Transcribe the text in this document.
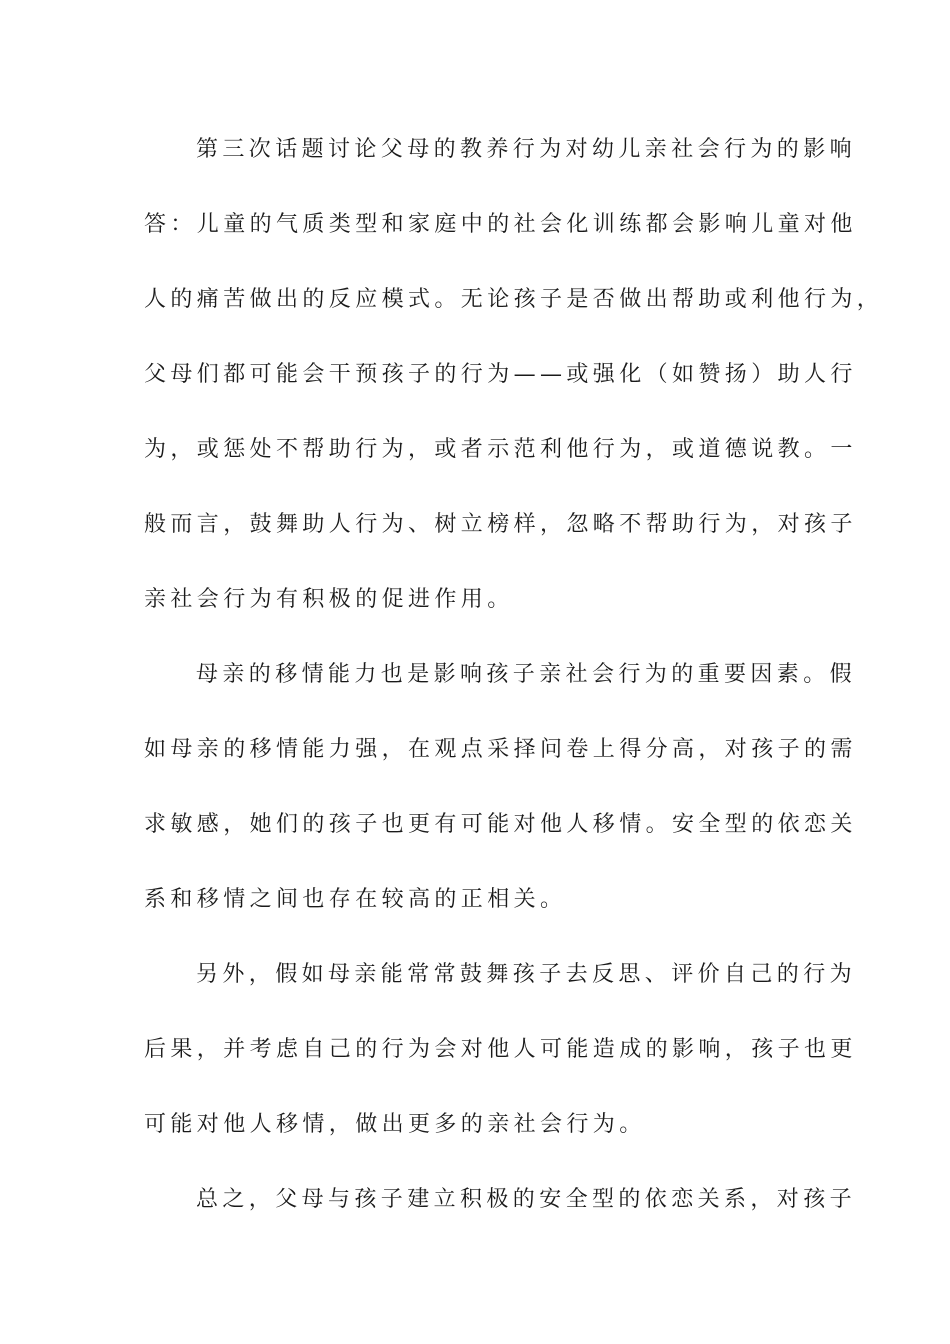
第三次话题讨论父母的教养行为对幼儿亲社会行为的影响
答：儿童的气质类型和家庭中的社会化训练都会影响儿童对他
人的痛苦做出的反应模式。无论孩子是否做出帮助或利他行为，
父母们都可能会干预孩子的行为——或强化（如赞扬）助人行
为，或惩处不帮助行为，或者示范利他行为，或道德说教。一
般而言，鼓舞助人行为、树立榜样，忽略不帮助行为，对孩子
亲社会行为有积极的促进作用。
母亲的移情能力也是影响孩子亲社会行为的重要因素。假
如母亲的移情能力强，在观点采择问卷上得分高，对孩子的需
求敏感，她们的孩子也更有可能对他人移情。安全型的依恋关
系和移情之间也存在较高的正相关。
另外，假如母亲能常常鼓舞孩子去反思、评价自己的行为
后果，并考虑自己的行为会对他人可能造成的影响，孩子也更
可能对他人移情，做出更多的亲社会行为。
总之，父母与孩子建立积极的安全型的依恋关系，对孩子
